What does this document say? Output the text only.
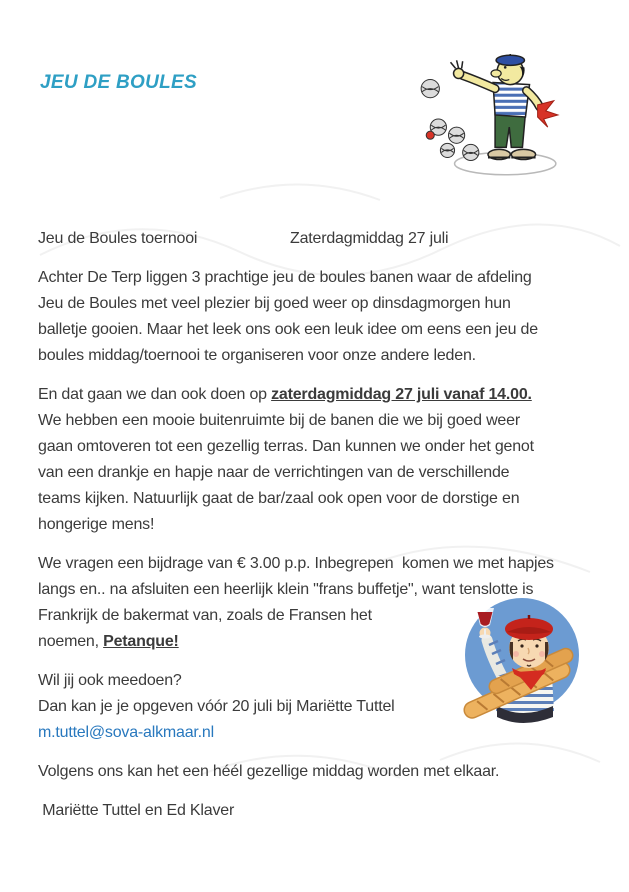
JEU DE BOULES

Jeu de Boules toernooi	Zaterdagmiddag 27 juli

Achter De Terp liggen 3 prachtige jeu de boules banen waar de afdeling
Jeu de Boules met veel plezier bij goed weer op dinsdagmorgen hun
balletje gooien. Maar het leek ons ook een leuk idee om eens een jeu de
boules middag/toernooi te organiseren voor onze andere leden.

En dat gaan we dan ook doen op zaterdagmiddag 27 juli vanaf 14.00.
We hebben een mooie buitenruimte bij de banen die we bij goed weer
gaan omtoveren tot een gezellig terras. Dan kunnen we onder het genot
van een drankje en hapje naar de verrichtingen van de verschillende
teams kijken. Natuurlijk gaat de bar/zaal ook open voor de dorstige en
hongerige mens!

We vragen een bijdrage van € 3.00 p.p. Inbegrepen  komen we met hapjes
langs en.. na afsluiten een heerlijk klein "frans buffetje", want tenslotte is
Frankrijk de bakermat van, zoals de Fransen het
noemen, Petanque!

Wil jij ook meedoen?
Dan kan je je opgeven vóór 20 juli bij Mariëtte Tuttel
m.tuttel@sova-alkmaar.nl

Volgens ons kan het een héél gezellige middag worden met elkaar.

Mariëtte Tuttel en Ed Klaver
